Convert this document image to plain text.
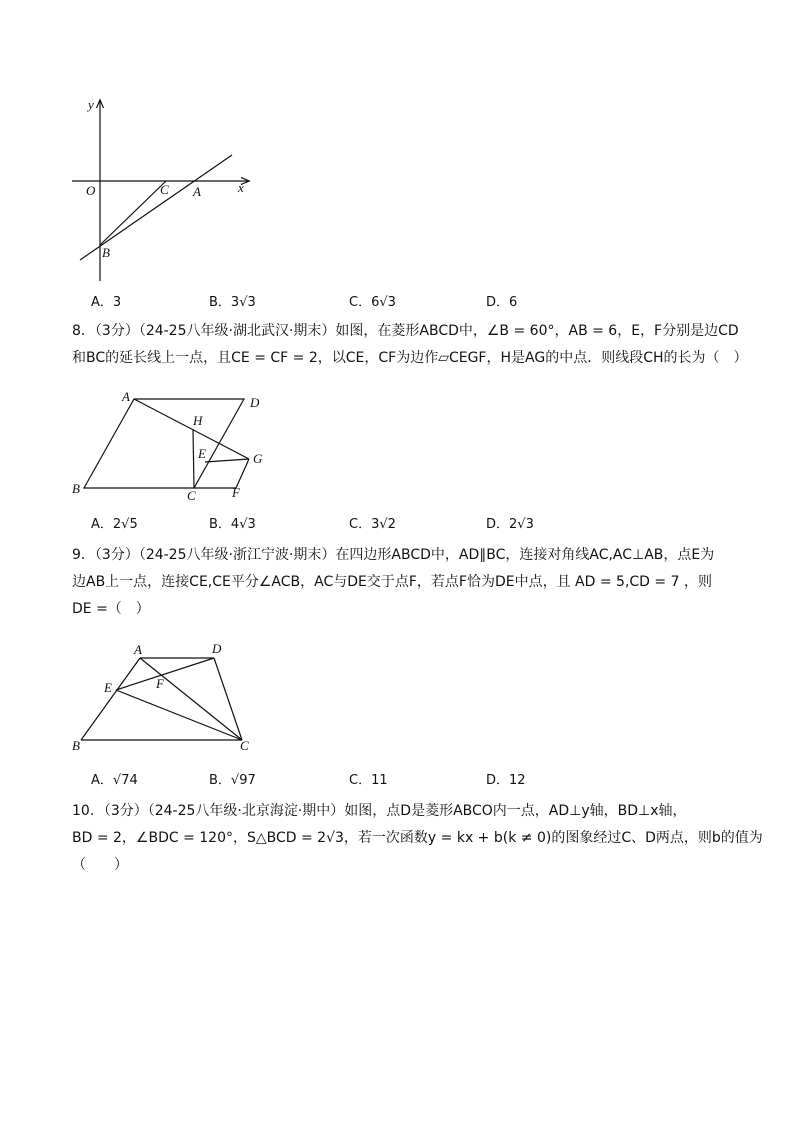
y
x
O	C A
B
A．3	B．3√3	C．6√3	D．6
8．（3分）（24-25八年级·湖北武汉·期末）如图，在菱形ABCD中，∠B = 60°，AB = 6，E，F分别是边CD
和BC的延长线上一点，且CE = CF = 2，以CE，CF为边作▱CEGF，H是AG的中点．则线段CH的长为（　）
A	D
H
E	G
B	C	F
A．2√5	B．4√3	C．3√2	D．2√3
9．（3分）（24-25八年级·浙江宁波·期末）在四边形ABCD中，AD∥BC，连接对角线AC,AC⊥AB，点E为
边AB上一点，连接CE,CE平分∠ACB，AC与DE交于点F，若点F恰为DE中点，且 AD = 5,CD = 7 ，则
DE =（　）
A	D
E	F
B	C
A．√74	B．√97	C．11	D．12
10．（3分）（24-25八年级·北京海淀·期中）如图，点D是菱形ABCO内一点，AD⊥y轴，BD⊥x轴，
BD = 2，∠BDC = 120°，S△BCD = 2√3，若一次函数y = kx + b(k ≠ 0)的图象经过C、D两点，则b的值为
（　　）
